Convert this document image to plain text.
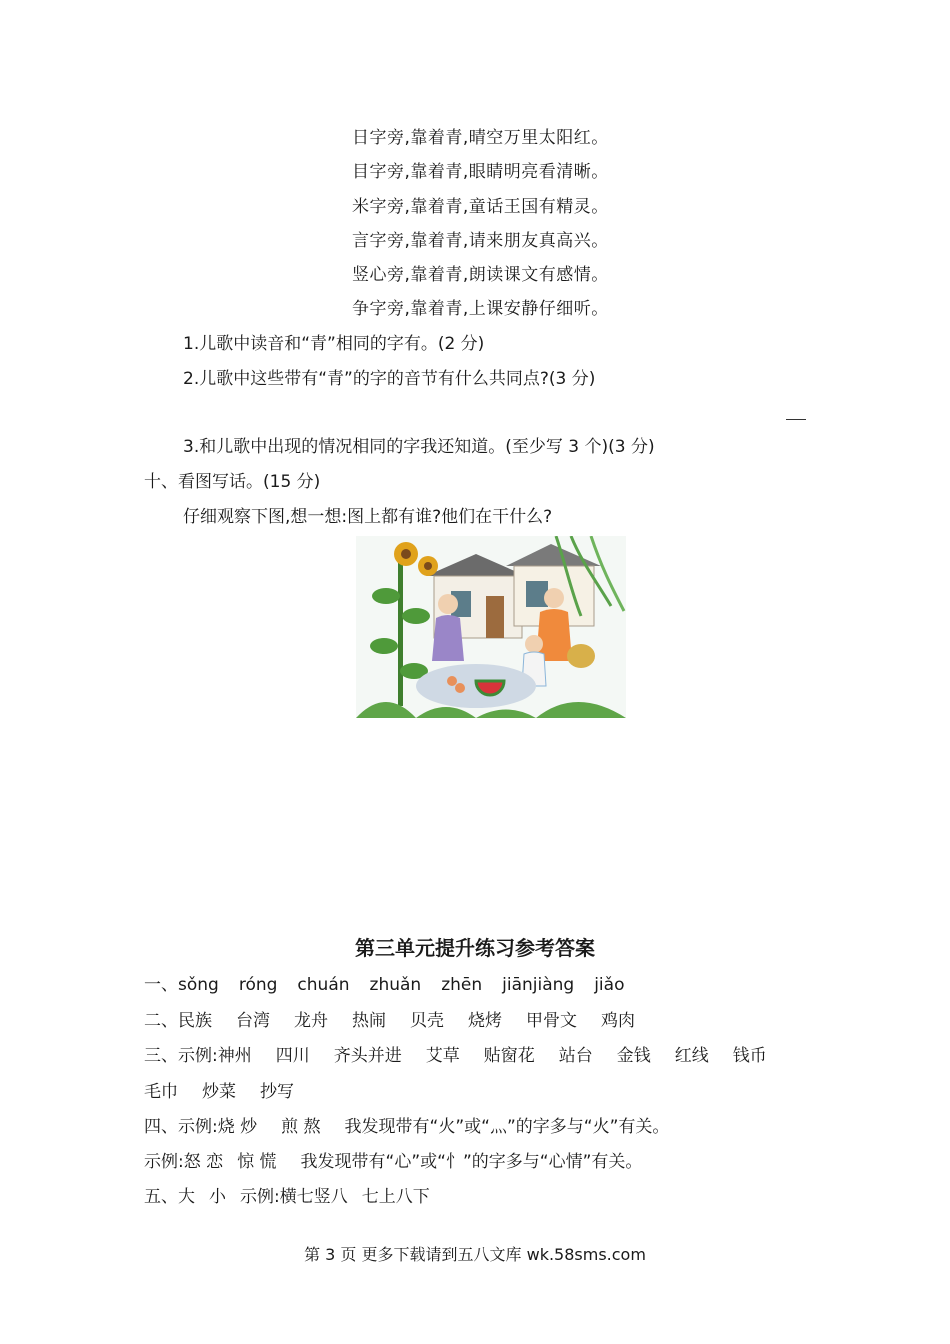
日字旁,靠着青,晴空万里太阳红。
目字旁,靠着青,眼睛明亮看清晰。
米字旁,靠着青,童话王国有精灵。
言字旁,靠着青,请来朋友真高兴。
竖心旁,靠着青,朗读课文有感情。
争字旁,靠着青,上课安静仔细听。
1.儿歌中读音和“青”相同的字有。(2 分)
2.儿歌中这些带有“青”的字的音节有什么共同点?(3 分)
3.和儿歌中出现的情况相同的字我还知道。(至少写 3 个)(3 分)
十、看图写话。(15 分)
仔细观察下图,想一想:图上都有谁?他们在干什么?
第三单元提升练习参考答案
一、sǒng róng chuán zhuǎn zhēn jiānjiàng jiǎo
二、民族 台湾 龙舟 热闹 贝壳 烧烤 甲骨文 鸡肉
三、示例:神州 四川 齐头并进 艾草 贴窗花 站台 金钱 红线 钱币
毛巾 炒菜 抄写
四、示例:烧 炒 煎 熬 我发现带有“火”或“灬”的字多与“火”有关。
示例:怒 恋 惊 慌 我发现带有“心”或“忄”的字多与“心情”有关。
五、大 小 示例:横七竖八 七上八下
第 3 页 更多下载请到五八文库 wk.58sms.com
